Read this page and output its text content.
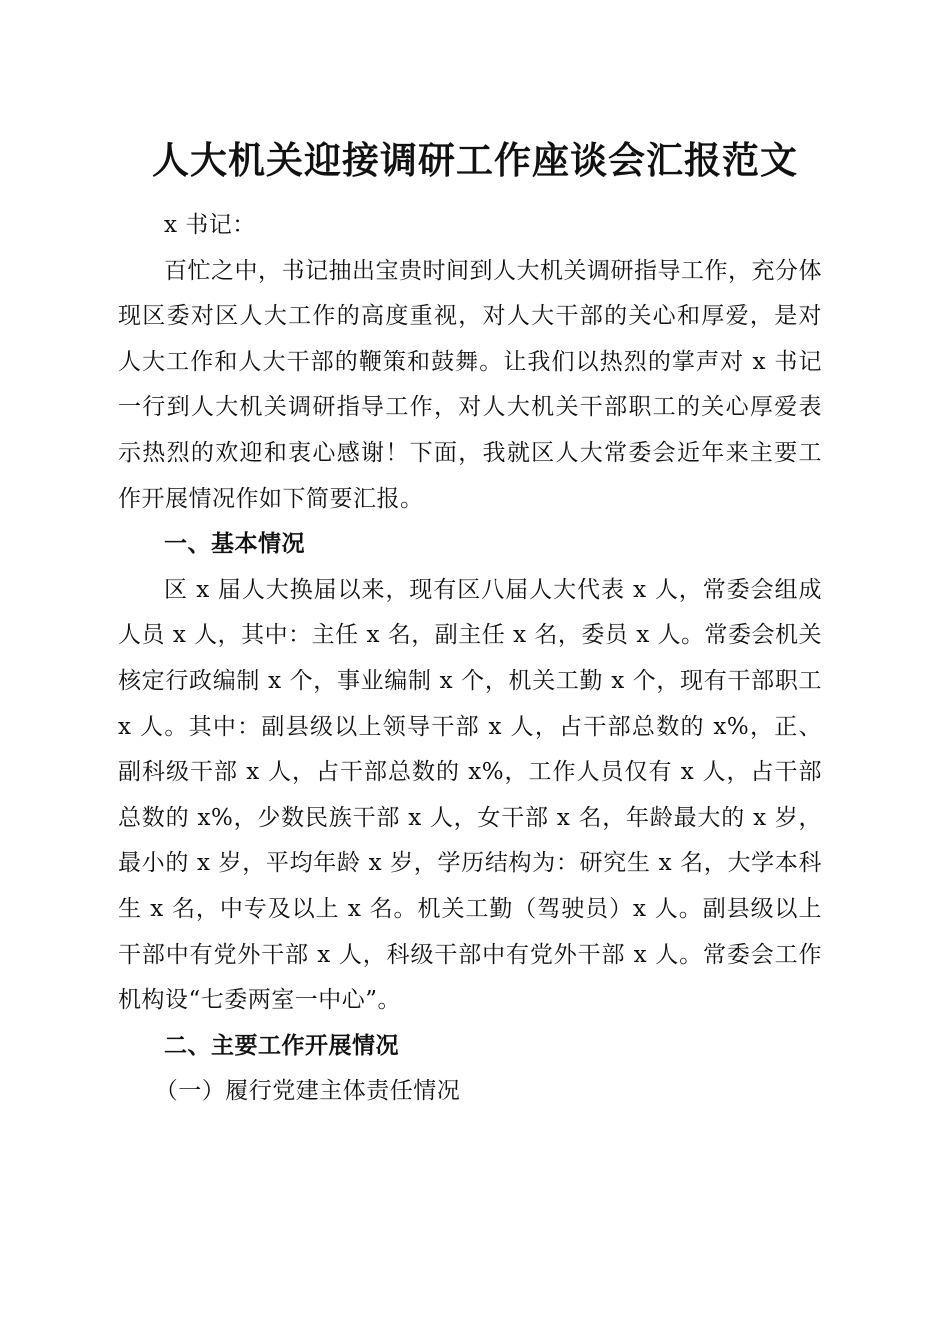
人大机关迎接调研工作座谈会汇报范文

x 书记：

百忙之中，书记抽出宝贵时间到人大机关调研指导工作，充分体现区委对区人大工作的高度重视，对人大干部的关心和厚爱，是对人大工作和人大干部的鞭策和鼓舞。让我们以热烈的掌声对 x 书记一行到人大机关调研指导工作，对人大机关干部职工的关心厚爱表示热烈的欢迎和衷心感谢！下面，我就区人大常委会近年来主要工作开展情况作如下简要汇报。

一、基本情况

区 x 届人大换届以来，现有区八届人大代表 x 人，常委会组成人员 x 人，其中：主任 x 名，副主任 x 名，委员 x 人。常委会机关核定行政编制 x 个，事业编制 x 个，机关工勤 x 个，现有干部职工 x 人。其中：副县级以上领导干部 x 人，占干部总数的 x%，正、副科级干部 x 人，占干部总数的 x%，工作人员仅有 x 人，占干部总数的 x%，少数民族干部 x 人，女干部 x 名，年龄最大的 x 岁，最小的 x 岁，平均年龄 x 岁，学历结构为：研究生 x 名，大学本科生 x 名，中专及以上 x 名。机关工勤（驾驶员）x 人。副县级以上干部中有党外干部 x 人，科级干部中有党外干部 x 人。常委会工作机构设“七委两室一中心”。

二、主要工作开展情况

（一）履行党建主体责任情况
